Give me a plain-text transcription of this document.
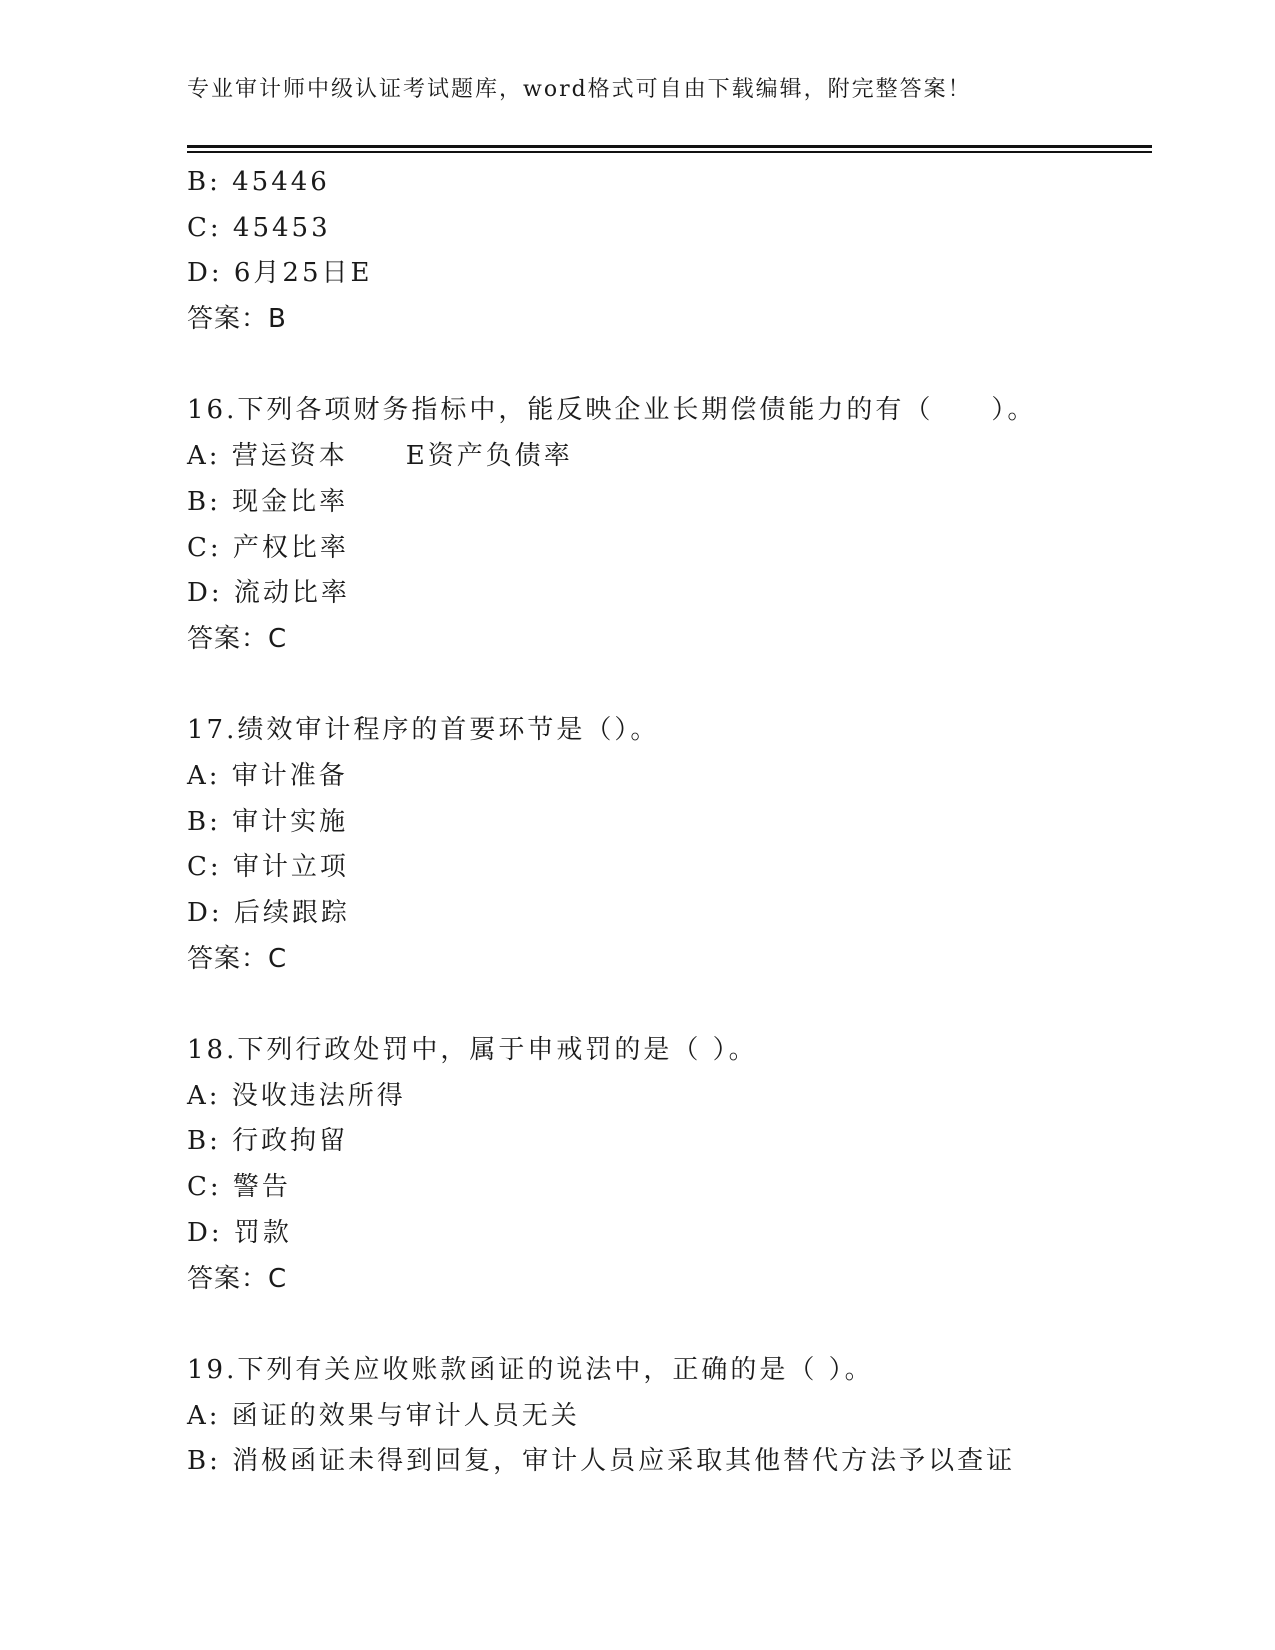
专业审计师中级认证考试题库，word格式可自由下载编辑，附完整答案！
B: 45446
C: 45453
D: 6月25日E
答案：B
16.下列各项财务指标中，能反映企业长期偿债能力的有（　　）。
A: 营运资本　　E资产负债率
B: 现金比率
C: 产权比率
D: 流动比率
答案：C
17.绩效审计程序的首要环节是（）。
A: 审计准备
B: 审计实施
C: 审计立项
D: 后续跟踪
答案：C
18.下列行政处罚中，属于申戒罚的是（ ）。
A: 没收违法所得
B: 行政拘留
C: 警告
D: 罚款
答案：C
19.下列有关应收账款函证的说法中，正确的是（ ）。
A: 函证的效果与审计人员无关
B: 消极函证未得到回复，审计人员应采取其他替代方法予以查证
